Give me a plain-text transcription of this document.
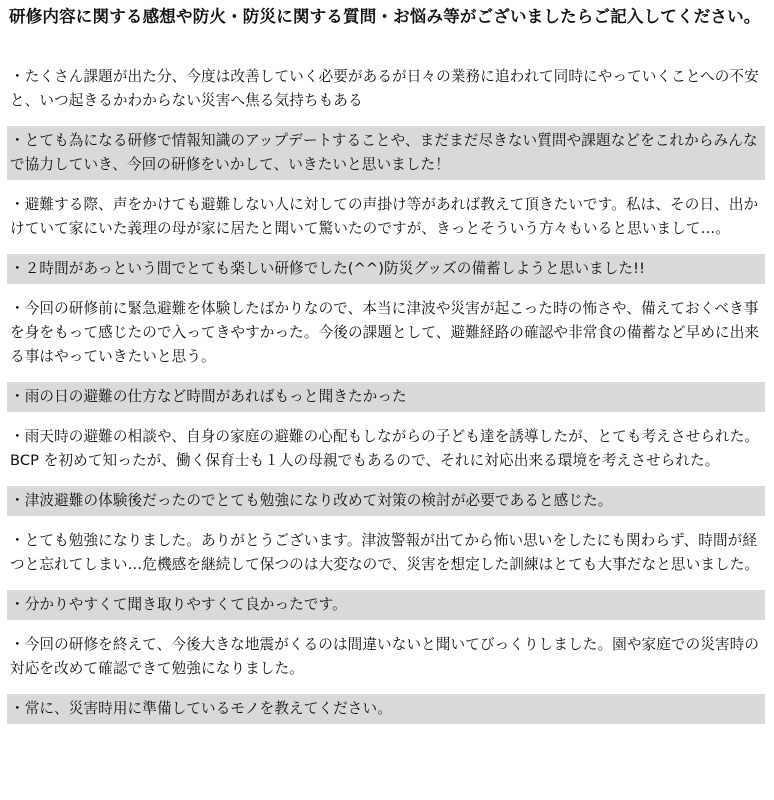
研修内容に関する感想や防火・防災に関する質問・お悩み等がございましたらご記入してください。
・たくさん課題が出た分、今度は改善していく必要があるが日々の業務に追われて同時にやっていくことへの不安と、いつ起きるかわからない災害へ焦る気持ちもある
・とても為になる研修で情報知識のアップデートすることや、まだまだ尽きない質問や課題などをこれからみんなで協力していき、今回の研修をいかして、いきたいと思いました！
・避難する際、声をかけても避難しない人に対しての声掛け等があれば教えて頂きたいです。私は、その日、出かけていて家にいた義理の母が家に居たと聞いて驚いたのですが、きっとそういう方々もいると思いまして…。
・２時間があっという間でとても楽しい研修でした(^^)防災グッズの備蓄しようと思いました!!
・今回の研修前に緊急避難を体験したばかりなので、本当に津波や災害が起こった時の怖さや、備えておくべき事を身をもって感じたので入ってきやすかった。今後の課題として、避難経路の確認や非常食の備蓄など早めに出来る事はやっていきたいと思う。
・雨の日の避難の仕方など時間があればもっと聞きたかった
・雨天時の避難の相談や、自身の家庭の避難の心配もしながらの子ども達を誘導したが、とても考えさせられた。BCP を初めて知ったが、働く保育士も１人の母親でもあるので、それに対応出来る環境を考えさせられた。
・津波避難の体験後だったのでとても勉強になり改めて対策の検討が必要であると感じた。
・とても勉強になりました。ありがとうございます。津波警報が出てから怖い思いをしたにも関わらず、時間が経つと忘れてしまい…危機感を継続して保つのは大変なので、災害を想定した訓練はとても大事だなと思いました。
・分かりやすくて聞き取りやすくて良かったです。
・今回の研修を終えて、今後大きな地震がくるのは間違いないと聞いてびっくりしました。園や家庭での災害時の対応を改めて確認できて勉強になりました。
・常に、災害時用に準備しているモノを教えてください。
